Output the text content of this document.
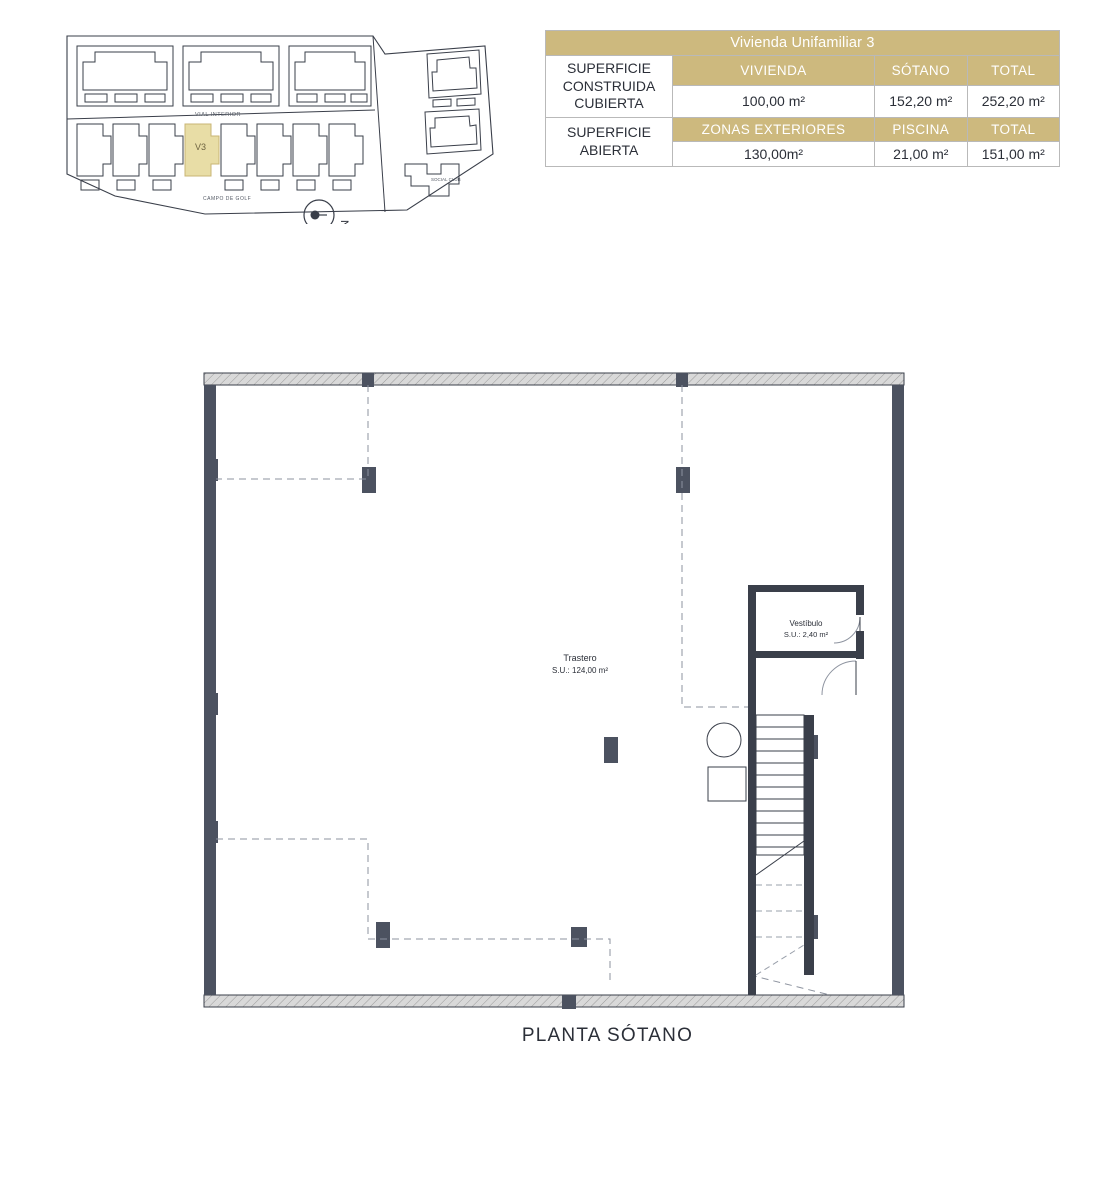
V3
VIAL INTERIOR
CAMPO DE GOLF
SOCIAL CLUB
N
Vivienda Unifamiliar 3			
SUPERFICIE CONSTRUIDA CUBIERTA	VIVIENDA	SÓTANO	TOTAL
	100,00 m²	152,20 m²	252,20 m²
SUPERFICIE ABIERTA	ZONAS EXTERIORES	PISCINA	TOTAL
	130,00m²	21,00 m²	151,00 m²
Trastero
S.U.: 124,00 m²
Vestíbulo
S.U.: 2,40 m²
PLANTA SÓTANO
